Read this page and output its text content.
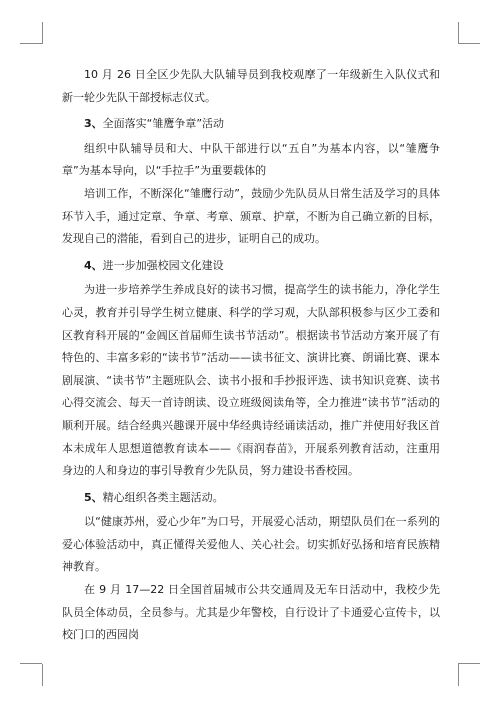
10 月 26 日全区少先队大队辅导员到我校观摩了一年级新生入队仪式和新一轮少先队干部授标志仪式。

3、全面落实“雏鹰争章”活动

组织中队辅导员和大、中队干部进行以“五自”为基本内容，以“雏鹰争章”为基本导向，以“手拉手”为重要载体的

培训工作，不断深化“雏鹰行动”，鼓励少先队员从日常生活及学习的具体环节入手，通过定章、争章、考章、颁章、护章，不断为自己确立新的目标，发现自己的潜能，看到自己的进步，证明自己的成功。

4、进一步加强校园文化建设

为进一步培养学生养成良好的读书习惯，提高学生的读书能力，净化学生心灵，教育并引导学生树立健康、科学的学习观，大队部积极参与区少工委和区教育科开展的“金阊区首届师生读书节活动”。根据读书节活动方案开展了有特色的、丰富多彩的“读书节”活动——读书征文、演讲比赛、朗诵比赛、课本剧展演、“读书节”主题班队会、读书小报和手抄报评选、读书知识竞赛、读书心得交流会、每天一首诗朗读、设立班级阅读角等，全力推进“读书节”活动的顺利开展。结合经典兴趣课开展中华经典诗经诵读活动，推广并使用好我区首本未成年人思想道德教育读本——《雨润春苗》，开展系列教育活动，注重用身边的人和身边的事引导教育少先队员，努力建设书香校园。

5、精心组织各类主题活动。

以“健康苏州，爱心少年”为口号，开展爱心活动，期望队员们在一系列的爱心体验活动中，真正懂得关爱他人、关心社会。切实抓好弘扬和培育民族精神教育。

在 9 月 17—22 日全国首届城市公共交通周及无车日活动中，我校少先队员全体动员，全员参与。尤其是少年警校，自行设计了卡通爱心宣传卡，以校门口的西园岗
